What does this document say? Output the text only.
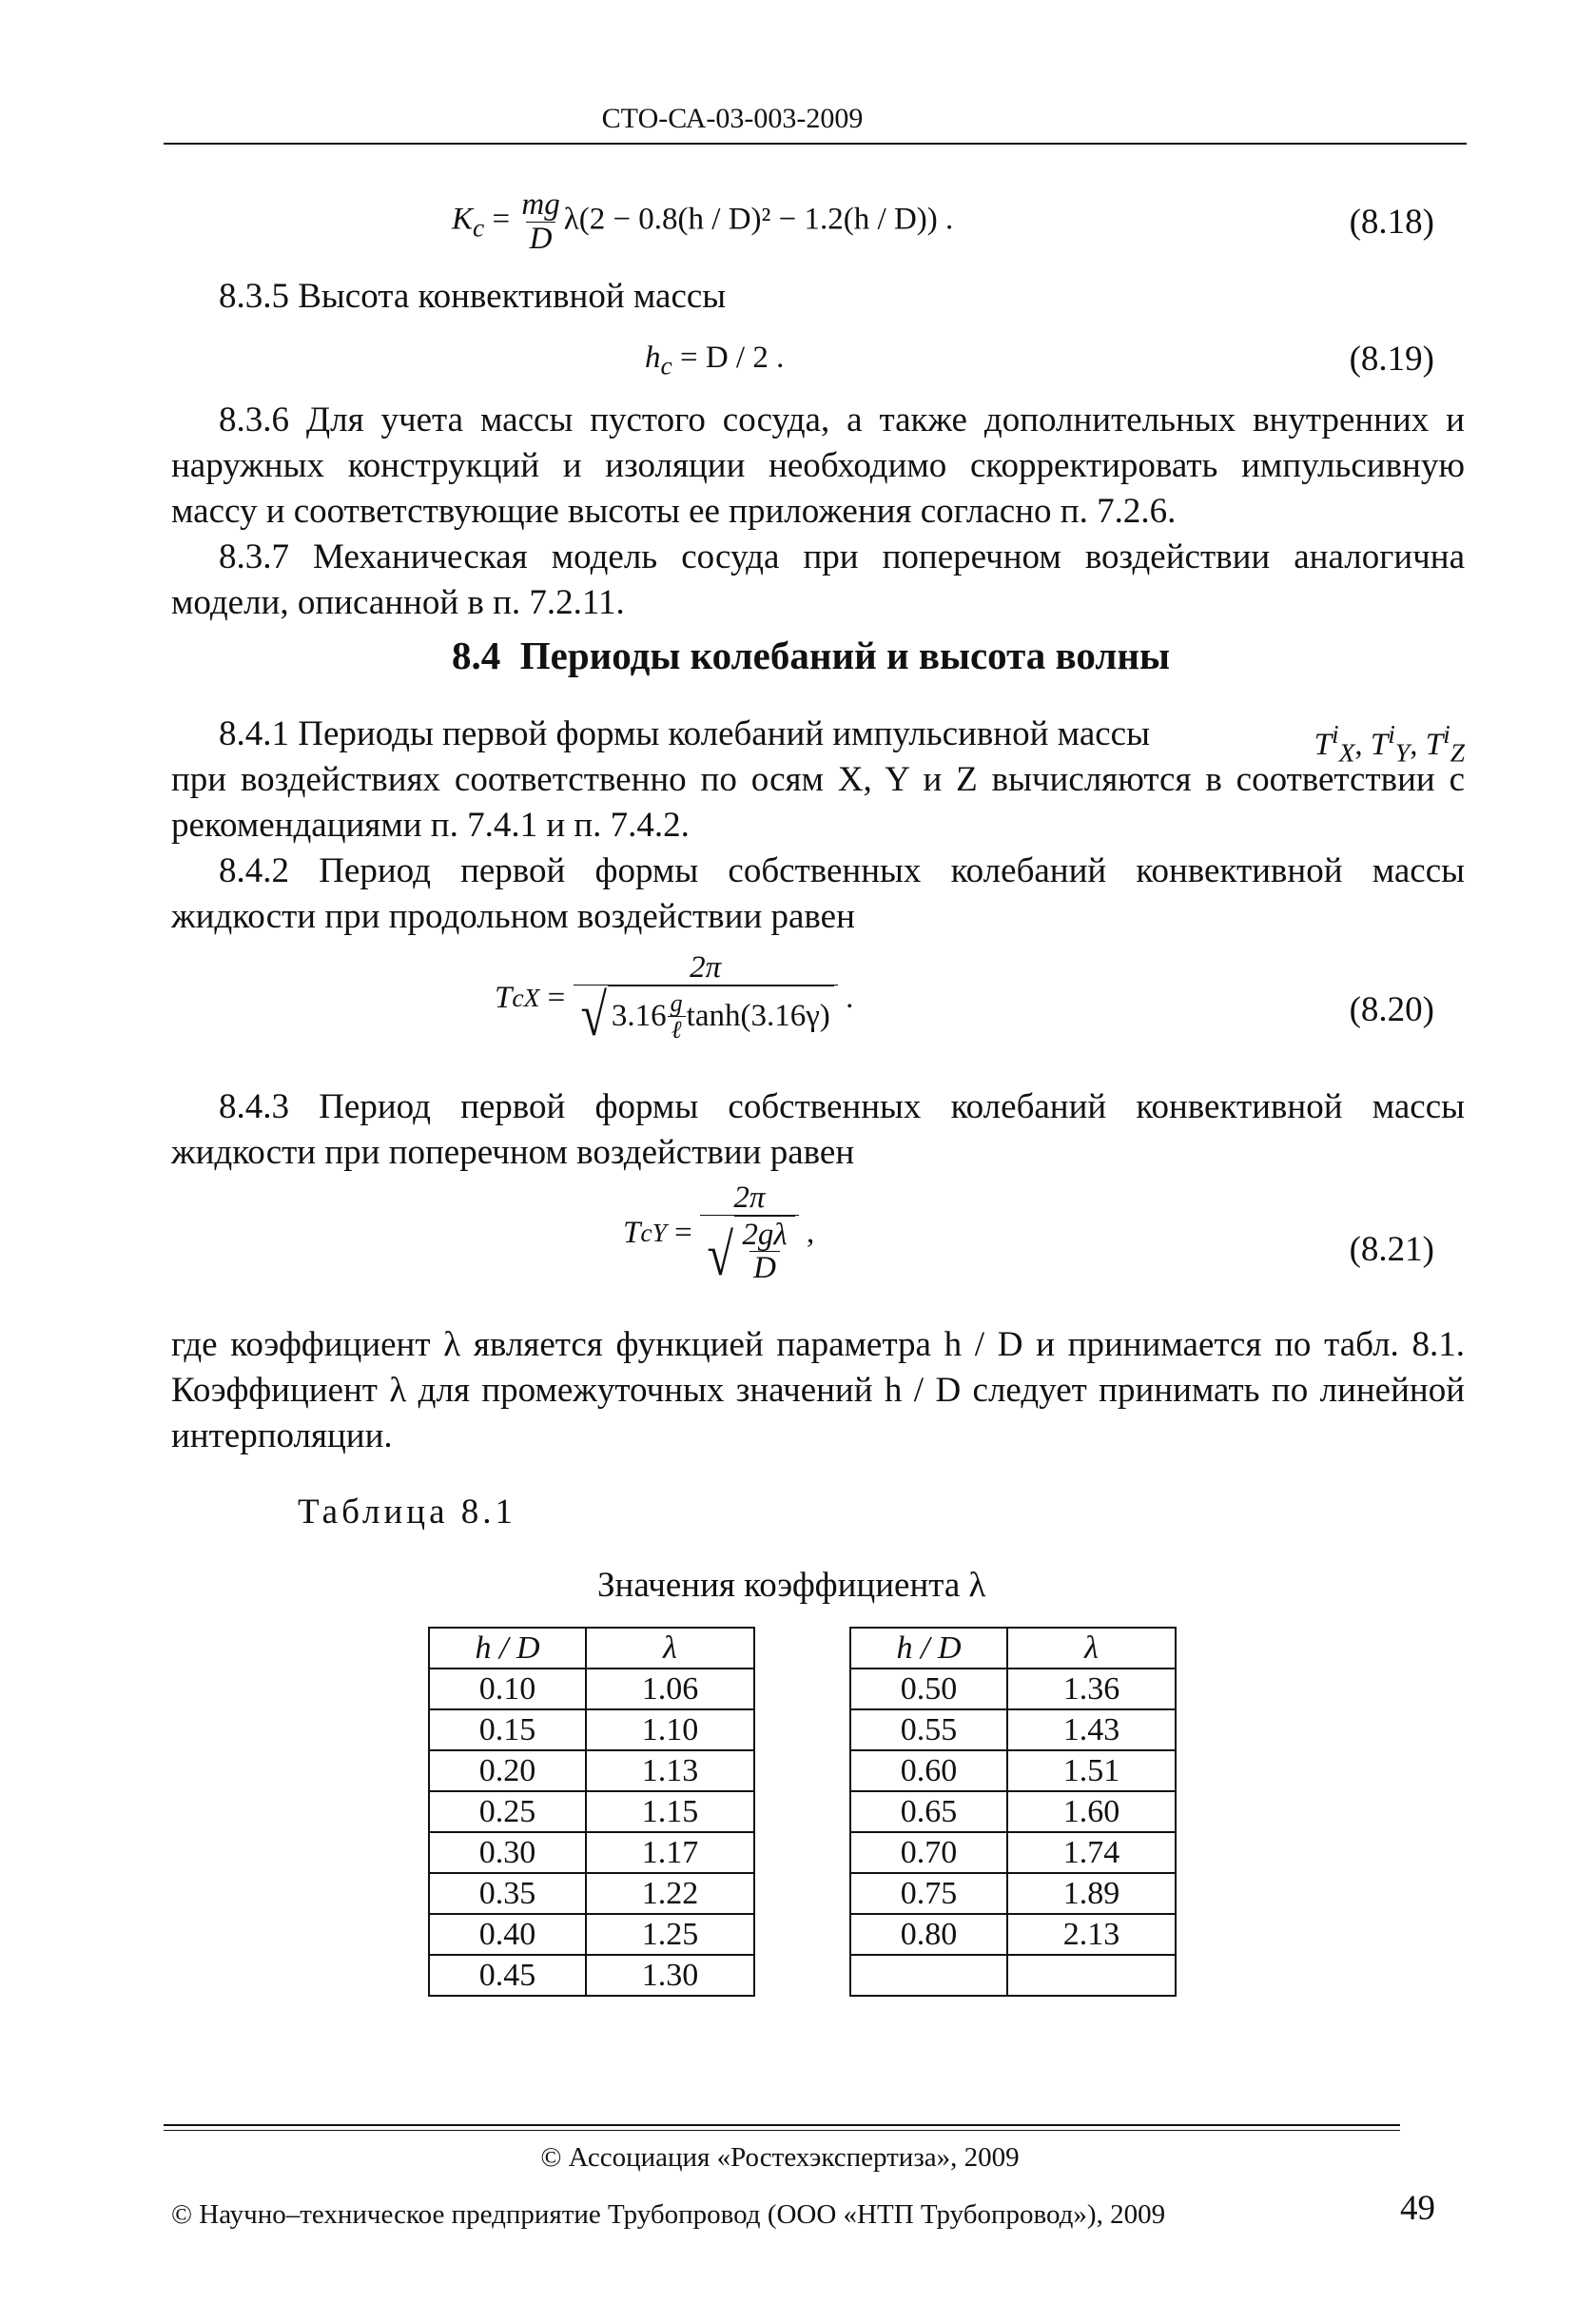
СТО-СА-03-003-2009
$K_c = \frac{mg}{D} \lambda(2 - 0.8(h / D)^2 - 1.2(h / D))$ .	(8.18)
8.3.5 Высота конвективной массы
$h_c = D / 2$ .	(8.19)
8.3.6 Для учета массы пустого сосуда, а также дополнительных внутренних и наружных конструкций и изоляции необходимо скорректировать импульсивную массу и соответствующие высоты ее приложения согласно п. 7.2.6.
8.3.7 Механическая модель сосуда при поперечном воздействии аналогична модели, описанной в п. 7.2.11.
8.4 Периоды колебаний и высота волны
8.4.1 Периоды первой формы колебаний импульсивной массы	$T^i_X$, $T^i_Y$, $T^i_Z$
при воздействиях соответственно по осям X, Y и Z вычисляются в соответствии с рекомендациями п. 7.4.1 и п. 7.4.2.
8.4.2 Период первой формы собственных колебаний конвективной массы жидкости при продольном воздействии равен
T c $X = \frac{2\pi}{√ 3.16 \frac{g}{\text{ℓ}} \tanh(3.16\gamma)}$
.	(8.20)
8.4.3 Период первой формы собственных колебаний конвективной массы жидкости при поперечном воздействии равен
T c $Y = \frac{2\pi}{√ \frac{2g\lambda}{D}}$
,	(8.21)
где коэффициент λ является функцией параметра h / D и принимается по табл. 8.1. Коэффициент λ для промежуточных значений h / D следует принимать по линейной интерполяции.
Таблица 8.1
Значения коэффициента λ
h / D	λ
0.10	1.06
0.15	1.10
0.20	1.13
0.25	1.15
0.30	1.17
0.35	1.22
0.40	1.25
0.45	1.30
h / D	λ
0.50	1.36
0.55	1.43
0.60	1.51
0.65	1.60
0.70	1.74
0.75	1.89
0.80	2.13

© Ассоциация «Ростехэкспертиза», 2009
© Научно–техническое предприятие Трубопровод (ООО «НТП Трубопровод»), 2009	49
